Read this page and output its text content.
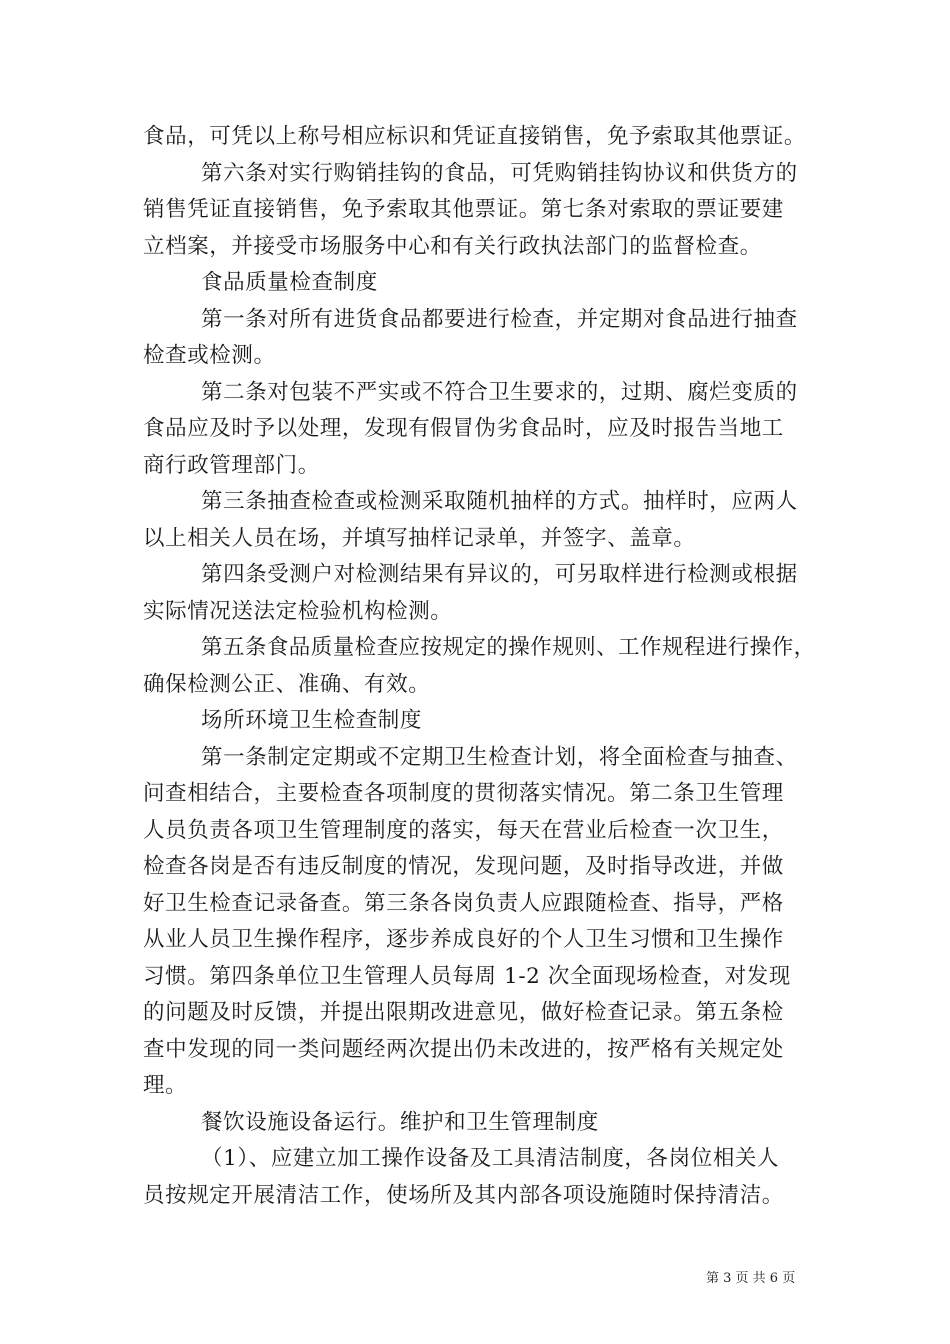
食品，可凭以上称号相应标识和凭证直接销售，免予索取其他票证。
第六条对实行购销挂钩的食品，可凭购销挂钩协议和供货方的
销售凭证直接销售，免予索取其他票证。第七条对索取的票证要建
立档案，并接受市场服务中心和有关行政执法部门的监督检查。
食品质量检查制度
第一条对所有进货食品都要进行检查，并定期对食品进行抽查
检查或检测。
第二条对包装不严实或不符合卫生要求的，过期、腐烂变质的
食品应及时予以处理，发现有假冒伪劣食品时，应及时报告当地工
商行政管理部门。
第三条抽查检查或检测采取随机抽样的方式。抽样时，应两人
以上相关人员在场，并填写抽样记录单，并签字、盖章。
第四条受测户对检测结果有异议的，可另取样进行检测或根据
实际情况送法定检验机构检测。
第五条食品质量检查应按规定的操作规则、工作规程进行操作，
确保检测公正、准确、有效。
场所环境卫生检查制度
第一条制定定期或不定期卫生检查计划，将全面检查与抽查、
问查相结合，主要检查各项制度的贯彻落实情况。第二条卫生管理
人员负责各项卫生管理制度的落实，每天在营业后检查一次卫生，
检查各岗是否有违反制度的情况，发现问题，及时指导改进，并做
好卫生检查记录备查。第三条各岗负责人应跟随检查、指导，严格
从业人员卫生操作程序，逐步养成良好的个人卫生习惯和卫生操作
习惯。第四条单位卫生管理人员每周 1-2 次全面现场检查，对发现
的问题及时反馈，并提出限期改进意见，做好检查记录。第五条检
查中发现的同一类问题经两次提出仍未改进的，按严格有关规定处
理。
餐饮设施设备运行。维护和卫生管理制度
（1）、应建立加工操作设备及工具清洁制度，各岗位相关人
员按规定开展清洁工作，使场所及其内部各项设施随时保持清洁。
第 3 页 共 6 页
